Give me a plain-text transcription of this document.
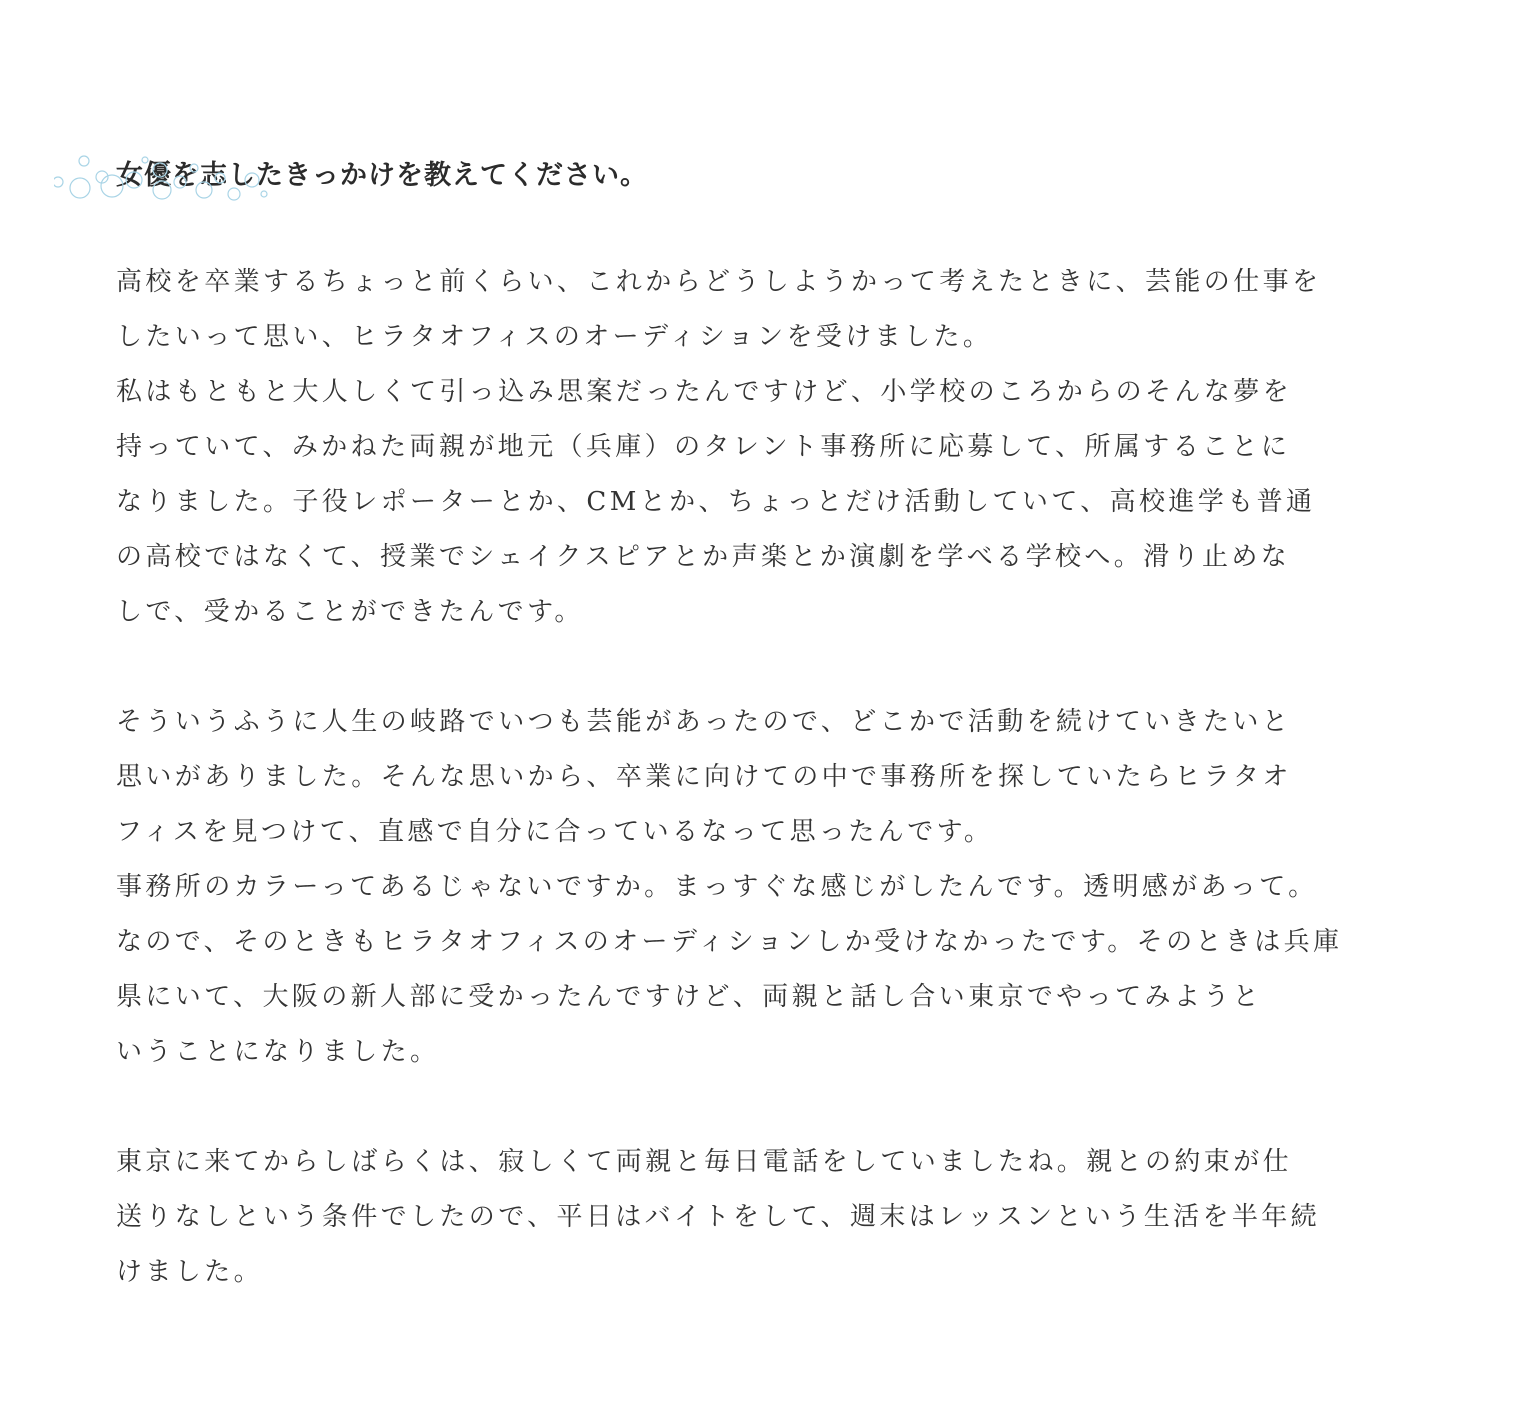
女優を志したきっかけを教えてください。

高校を卒業するちょっと前くらい、これからどうしようかって考えたときに、芸能の仕事を
したいって思い、ヒラタオフィスのオーディションを受けました。
私はもともと大人しくて引っ込み思案だったんですけど、小学校のころからのそんな夢を
持っていて、みかねた両親が地元（兵庫）のタレント事務所に応募して、所属することに
なりました。子役レポーターとか、CMとか、ちょっとだけ活動していて、高校進学も普通
の高校ではなくて、授業でシェイクスピアとか声楽とか演劇を学べる学校へ。滑り止めな
しで、受かることができたんです。

そういうふうに人生の岐路でいつも芸能があったので、どこかで活動を続けていきたいと
思いがありました。そんな思いから、卒業に向けての中で事務所を探していたらヒラタオ
フィスを見つけて、直感で自分に合っているなって思ったんです。
事務所のカラーってあるじゃないですか。まっすぐな感じがしたんです。透明感があって。
なので、そのときもヒラタオフィスのオーディションしか受けなかったです。そのときは兵庫
県にいて、大阪の新人部に受かったんですけど、両親と話し合い東京でやってみようと
いうことになりました。

東京に来てからしばらくは、寂しくて両親と毎日電話をしていましたね。親との約束が仕
送りなしという条件でしたので、平日はバイトをして、週末はレッスンという生活を半年続
けました。
